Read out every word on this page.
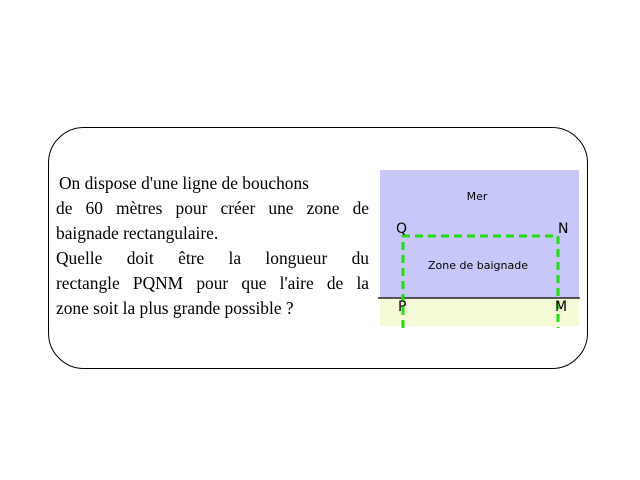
On dispose d'une ligne de bouchons
de 60 mètres pour créer une zone de
baignade rectangulaire.
Quelle doit être la longueur du
rectangle PQNM pour que l'aire de la
zone soit la plus grande possible ?
Mer
Zone de baignade
Q	N
P	M
